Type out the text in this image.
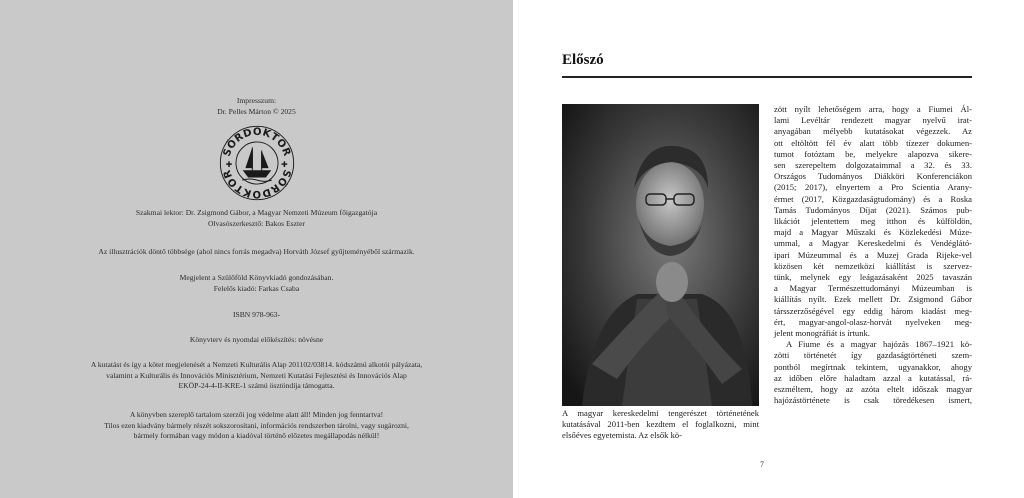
Impresszum:
Dr. Pelles Márton © 2025
SÖRDOKTOR
SÖRDOKTOR
✚	✚
Szakmai lektor: Dr. Zsigmond Gábor, a Magyar Nemzeti Múzeum főigazgatója
Olvasószerkesztő: Bakos Eszter
Az illusztrációk döntő többsége (ahol nincs forrás megadva) Horváth József gyűjteményéből származik.
Megjelent a Szülőföld Könyvkiadó gondozásában.
Felelős kiadó: Farkas Csaba
ISBN 978-963-
Könyvterv és nyomdai előkészítés: növésne
A kutatást és így a kötet megjelenését a Nemzeti Kulturális Alap 201102/03814. kódszámú alkotói pályázata,
valamint a Kulturális és Innovációs Minisztérium, Nemzeti Kutatási Fejlesztési és Innovációs Alap
EKÖP-24-4-II-KRE-1 számú ösztöndíja támogatta.
A könyvben szereplő tartalom szerzői jog védelme alatt áll! Minden jog fenntartva!
Tilos ezen kiadvány bármely részét sokszorosítani, információs rendszerben tárolni, vagy sugározni,
bármely formában vagy módon a kiadóval történő előzetes megállapodás nélkül!
Előszó
A magyar kereskedelmi tengerészet történetének kutatásával 2011-ben kezdtem el foglalkozni, mint elsőéves egyetemista. Az elsők kö-
zött nyílt lehetőségem arra, hogy a Fiumei Ál-
lami Levéltár rendezett magyar nyelvű irat-
anyagában mélyebb kutatásokat végezzek. Az
ott eltöltött fél év alatt több tízezer dokumen-
tumot fotóztam be, melyekre alapozva sikere-
sen szerepeltem dolgozataimmal a 32. és 33.
Országos Tudományos Diákköri Konferenciákon
(2015; 2017), elnyertem a Pro Scientia Arany-
érmet (2017, Közgazdaságtudomány) és a Roska
Tamás Tudományos Díjat (2021). Számos pub-
likációt jelentettem meg itthon és külföldön,
majd a Magyar Műszaki és Közlekedési Múze-
ummal, a Magyar Kereskedelmi és Vendéglátó-
ipari Múzeummal és a Muzej Grada Rijeke-vel
közösen két nemzetközi kiállítást is szervez-
tünk, melynek egy leágazásaként 2025 tavaszán
a Magyar Természettudományi Múzeumban is
kiállítás nyílt. Ezek mellett Dr. Zsigmond Gábor
társszerzőségével egy eddig három kiadást meg-
ért, magyar-angol-olasz-horvát nyelveken meg-
jelent monográfiát is írtunk.
A Fiume és a magyar hajózás 1867–1921 kö-
zötti történetét így gazdaságtörténeti szem-
pontból megírtnak tekintem, ugyanakkor, ahogy
az időben előre haladtam azzal a kutatással, rá-
eszméltem, hogy az azóta eltelt időszak magyar
hajózástörténete is csak töredékesen ismert,
7
